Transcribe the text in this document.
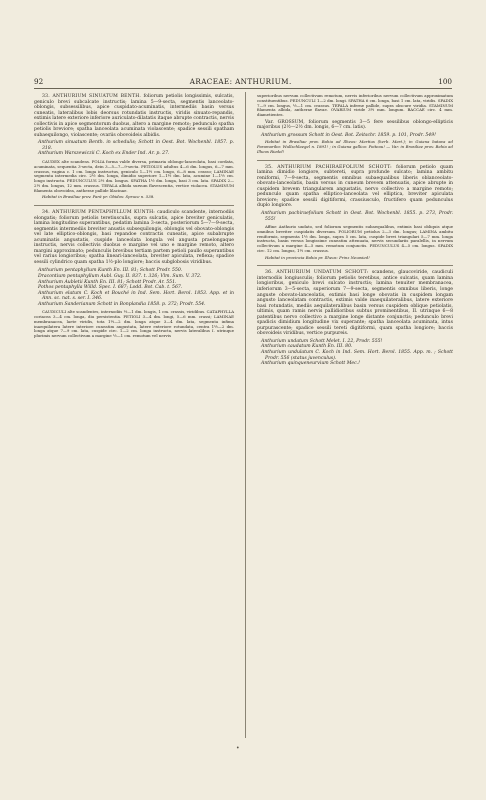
92	ARACEAE: ANTHURIUM.	100

33. ANTHURIUM SINUATUM BENTH. foliorum petiolis longissimis, sulcatis, geniculo brevi subcalcate instructis; lamina 5—9-secta, segmentis lanceolato-oblongis, subsessilibus, apice cuspidato-acuminatis, intermediis basin versus cuneatis, lateralibus lobis deorsus rotundatis instructis, viridis sinuato-repandis, extimis latere exteriore inferiore auriculato-dilatatis itaque abrupte contractis, nervis collectivis in apice segmentorum duobus, altero a margine remoto; pedunculo spatha petiolis breviore; spatha lanceolata acuminata violascente; spadice sessili spatham subaequilongo, violascente; ovariis obovoideis albidis.

Anthurium sinuatum Benth. in schedulis; Schott in Oest. Bot. Wochenbl. 1857. p. 318.

Anthurium Warszewiczii C. Koch ex Ender Ind. Ar. p. 27.

CAUDEX alte scandens. FOLIA forma valde diversa, primaria oblongo-lanceolata, basi cordata, acuminata, sequentia 3-secta, dein 3—5—7—9-secta. PETIOLUS adultus 4—6 dm. longus, 6—7 mm. crassus, vagina c. 1 cm. longa instructus, geniculo 1—1½ cm. longo, 6—8 mm. crasso; LAMINAE segmenta intermedia circ. 2½ dm. longa, dimidio superiore 1—1½ dm. lata, acumine 1—1½ cm. longo instructa. PEDUNCULUS 2½ dm. longus. SPATHA 1½ dm. longa, basi 3 cm. lata. SPADIX 2—2½ dm. longus, 12 mm. crassus. TEPALA albida sursum flavescentia, vertice violacea. STAMINUM filamenta obovoidea, antherae pallide lilacinae.

Habitat in Brasiliae prov. Pará pr. Obidos: Spruce n. 538.

34. ANTHURIUM PENTAPHYLLUM KUNTH: caudiculo scandente, internodiis elongatis; foliorum petiolis teretiusculis, supra sulcatis, apice breviter geniculatis, lamina longitudine superantibus, pedatim lamina 3-secta, posteriorum 5—7—9-secta, segmentis intermediis breviter anustis subsequilongis, oblongis vel obovato-oblongis vel late elliptico-oblongis, basi repandoe contractis cuneatis, apice subabrupte acuminatis angustatis, cuspide lanceolata longula vel angusta praelongaque instructis, nervis collectivis duobus e margine vel uno e margine remoto, altero margini approximato; pedunculis brevibus tertiam partem petioli paullo superantibus vel rarius longioribus; spatha lineari-lanceolata, breviter apiculata, reflexa; spadice sessili cylindrico quam spatha 1½-plo longiore; baccis subglobosis viridibus.

Anthurium pentaphyllum Kunth En. III. 81; Schott Prodr. 550.

Dracontium pentaphyllum Aubl. Guy. II. 837. t. 326; Vlm. Sum. V. 372.

Anthurium Aubletii Kunth En. III. 81; Schott Prodr. Ar. 551.

Pothos pentaphylla Willd. Spec. I. 687; Lodd. Bot. Cab. t. 567.

Anthurium elatum C. Koch et Bouché in Ind. Sem. Hort. Berol. 1853. App. et in Ann. sc. nat. s. ser. I. 346.

Anthurium Sanderianum Schott in Bonplandia 1858. p. 372; Prodr. 554.

CAUDICULI alte scandentes, internodiis ½—1 dm. longis, 1 cm. crassis, viridibus. CATAPHYLLA coriacea 3—4 cm. longa, diu persistentia. PETIOLI 3—4 dm. longi, 5—6 mm. crassi; LAMINAE membranacea, laete viridis, tota 1½—2 dm. longa atque 3—4 dm. lata, segmenta infima inaequilatera latere interiore cuneatim angustata, latere exteriore rotundata, centra 1½—2 dm. longa atque 7—9 cm. lata, cuspide circ. 1—2 cm. longa instructa, nervis lateralibus I. utrinque plurimis nervum collectivum a margine ½—1 cm. remotum vel nervis

superioribus nervum collectivum remotum, nervis inferioribus nervum collectivum approximatum constituentibus. PEDUNCULI 1—2 dm. longi. SPATHA 6 cm. longa, basi 1 cm. lata, viridis. SPADIX 7—9 cm. longus, ½—1 cm. crassus. TEPALA inferne pallide, supra obscure viridia. STAMINUM filamenta albida, antherae flavae. OVARIUM viride 3½ mm. longum. BACCAE circ. 4 mm. diametientes.

Var. GROSSUM, foliorum segmentis 3—5 fere sessilibus oblongo-ellipticis majoribus (2½—2½ dm. longis, 6—7 cm. latis).

Anthurium grossum Schott in Oest. Bot. Zeitschr. 1859. p. 101, Prodr. 549!

Habitat in Brasiliae prov. Bahia ad Ilheos: Martius (herb. Mart.); in Guiana batava ad Paramaribo: Wullschlaegel n. 1891! ; in Guiana gallica: Poiteau! — Var. in Brasiliae prov. Bahia ad Ilheos Riedel!

35. ANTHURIUM PACHIRAEFOLIUM SCHOTT: foliorum petiolo quam lamina dimidio longiore, subtereti, supra profunde sulcato; lamina ambitu reniformi, 7—9-secta, segmentis omnibus subaequalibus liberis oblanceolato-obovato-lanceolatis, basin versus in cuneum brevem attenuatis, apice abrupte in cuspidem brevem triangularem angustatis, nervo collectivo a margine remoto; pedunculo quam spatha elliptico-lanceolata vel elliptica, breviter apiculata breviore; spadice sessili digitiformi, crassiusculo, fructifero quam pedunculus duplo longiore.

Anthurium pachiraefolium Schott in Oest. Bot. Wochenbl. 1855. p. 273, Prodr. 555!

Affine Anthurio undato, sed foliorum segmentis subaequalibus, extimis basi obliquis atque omnibus breviter cuspidatis diversum. FOLIORUM petiolus 2—3 dm. longus; LAMINA ambitu reniformis, segmenta 1½ dm. longa, supra 5 cm. lata, cuspide brevi triangulari 5—7 mm. longa instructa, basin versus longissime cuneatim attenuata, nervis secundariis paralellis, in nervum collectivum a margine 4—5 mm. remotum conjunctis. PEDUNCULUS 4—5 cm. longus. SPADIX circ. 12 cm. longus, 1½ cm. crassus.

Habitat in provincia Bahia pr. Ilheos: Prinz Neuwied!

36. ANTHURIUM UNDATUM SCHOTT: scandens, glaucoviride, caudiculi internodiis longiusculis; foliorum petiolis teretibus, antice sulcatis, quam lamina longioribus, geniculo brevi sulcato instructis; lamina tenuiter membranacea, inferiorum 3—5-secta, superiorum 7—9-secta, segmentis omnibus liberis, longe anguste obovato-lanceolatis, extimis basi longe obovatis in cuspidem longam angusto lanceolatam contractis, extimis valde inaequilateralibus, latere exteriore basi rotundatis, mediis aequilateralibus basin versus cuspidem oblique petiolatis, ultimis, quam ramis nervis pallidioribus subtus prominentibus, II. utrinque 6—8 patentibus nervo collectivo a margine longe distante conjunctis; pedunculo brevi spadicis dimidium longitudine vix superante; spatha lanceolata acuminata, intus purpurascente; spadice sessili tereti digitiformi, quam spatha longiore; baccis obovoideis viridibus, vertice purpureis.

Anthurium undatum Schott Melet. I. 22, Prodr. 555!

Anthurium caudatum Kunth En. III. 80.

Anthurium undulatum C. Koch in Ind. Sem. Hort. Berol. 1855. App. m. ; Schott Prodr. 556 (status juvenculus).

Anthurium quinqueneurvium Schott Mec.!

•
